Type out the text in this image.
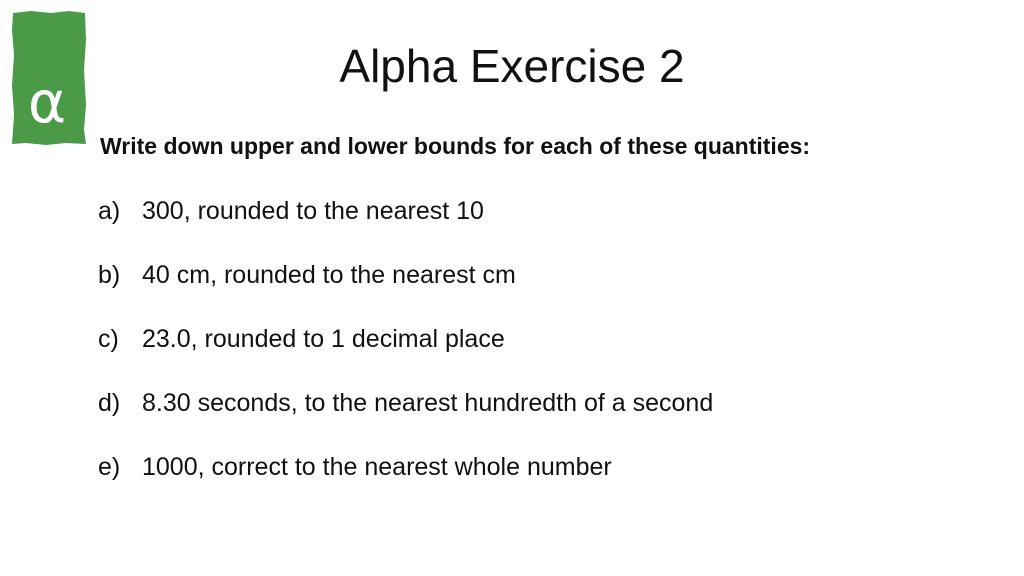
α
Alpha Exercise 2
Write down upper and lower bounds for each of these quantities:
a) 300, rounded to the nearest 10
b) 40 cm, rounded to the nearest cm
c) 23.0, rounded to 1 decimal place
d) 8.30 seconds, to the nearest hundredth of a second
e) 1000, correct to the nearest whole number
